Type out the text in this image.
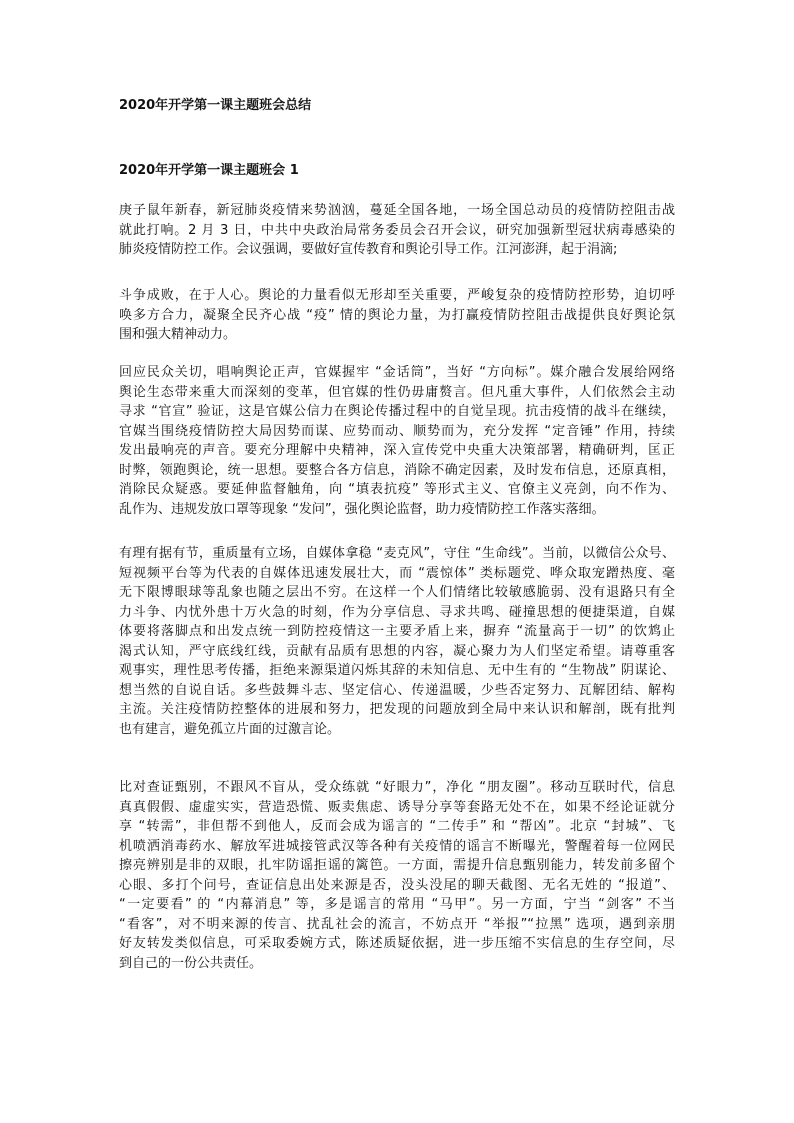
2020年开学第一课主题班会总结
2020年开学第一课主题班会 1
庚子鼠年新春，新冠肺炎疫情来势汹汹，蔓延全国各地，一场全国总动员的疫情防控阻击战
就此打响。2 月 3 日，中共中央政治局常务委员会召开会议，研究加强新型冠状病毒感染的
肺炎疫情防控工作。会议强调，要做好宣传教育和舆论引导工作。江河澎湃，起于涓滴;
斗争成败，在于人心。舆论的力量看似无形却至关重要，严峻复杂的疫情防控形势，迫切呼
唤多方合力，凝聚全民齐心战 “疫” 情的舆论力量，为打赢疫情防控阻击战提供良好舆论氛
围和强大精神动力。
回应民众关切，唱响舆论正声，官媒握牢 “金话筒”，当好 “方向标”。媒介融合发展给网络
舆论生态带来重大而深刻的变革，但官媒的性仍毋庸赘言。但凡重大事件，人们依然会主动
寻求 “官宣” 验证，这是官媒公信力在舆论传播过程中的自觉呈现。抗击疫情的战斗在继续，
官媒当围绕疫情防控大局因势而谋、应势而动、顺势而为，充分发挥 “定音锤” 作用，持续
发出最响亮的声音。要充分理解中央精神，深入宣传党中央重大决策部署，精确研判，匡正
时弊，领跑舆论，统一思想。要整合各方信息，消除不确定因素，及时发布信息，还原真相，
消除民众疑惑。要延伸监督触角，向 “填表抗疫” 等形式主义、官僚主义亮剑，向不作为、
乱作为、违规发放口罩等现象 “发问”，强化舆论监督，助力疫情防控工作落实落细。
有理有据有节，重质量有立场，自媒体拿稳 “麦克风”，守住 “生命线”。当前，以微信公众号、
短视频平台等为代表的自媒体迅速发展壮大，而 “震惊体” 类标题党、哗众取宠蹭热度、毫
无下限博眼球等乱象也随之层出不穷。在这样一个人们情绪比较敏感脆弱、没有退路只有全
力斗争、内忧外患十万火急的时刻，作为分享信息、寻求共鸣、碰撞思想的便捷渠道，自媒
体要将落脚点和出发点统一到防控疫情这一主要矛盾上来，摒弃 “流量高于一切” 的饮鸩止
渴式认知，严守底线红线，贡献有品质有思想的内容，凝心聚力为人们坚定希望。请尊重客
观事实，理性思考传播，拒绝来源渠道闪烁其辞的未知信息、无中生有的 “生物战” 阴谋论、
想当然的自说自话。多些鼓舞斗志、坚定信心、传递温暖，少些否定努力、瓦解团结、解构
主流。关注疫情防控整体的进展和努力，把发现的问题放到全局中来认识和解剖，既有批判
也有建言，避免孤立片面的过激言论。
比对查证甄别，不跟风不盲从，受众练就 “好眼力”，净化 “朋友圈”。移动互联时代，信息
真真假假、虚虚实实，营造恐慌、贩卖焦虑、诱导分享等套路无处不在，如果不经论证就分
享 “转需”，非但帮不到他人，反而会成为谣言的 “二传手” 和 “帮凶”。北京 “封城”、飞
机喷洒消毒药水、解放军进城接管武汉等各种有关疫情的谣言不断曝光，警醒着每一位网民
擦亮辨别是非的双眼，扎牢防谣拒谣的篱笆。一方面，需提升信息甄别能力，转发前多留个
心眼、多打个问号，查证信息出处来源是否，没头没尾的聊天截图、无名无姓的 “报道”、
“一定要看” 的 “内幕消息” 等，多是谣言的常用 “马甲”。另一方面，宁当 “剑客” 不当
“看客”，对不明来源的传言、扰乱社会的流言，不妨点开 “举报”“拉黑” 选项，遇到亲朋
好友转发类似信息，可采取委婉方式，陈述质疑依据，进一步压缩不实信息的生存空间，尽
到自己的一份公共责任。
